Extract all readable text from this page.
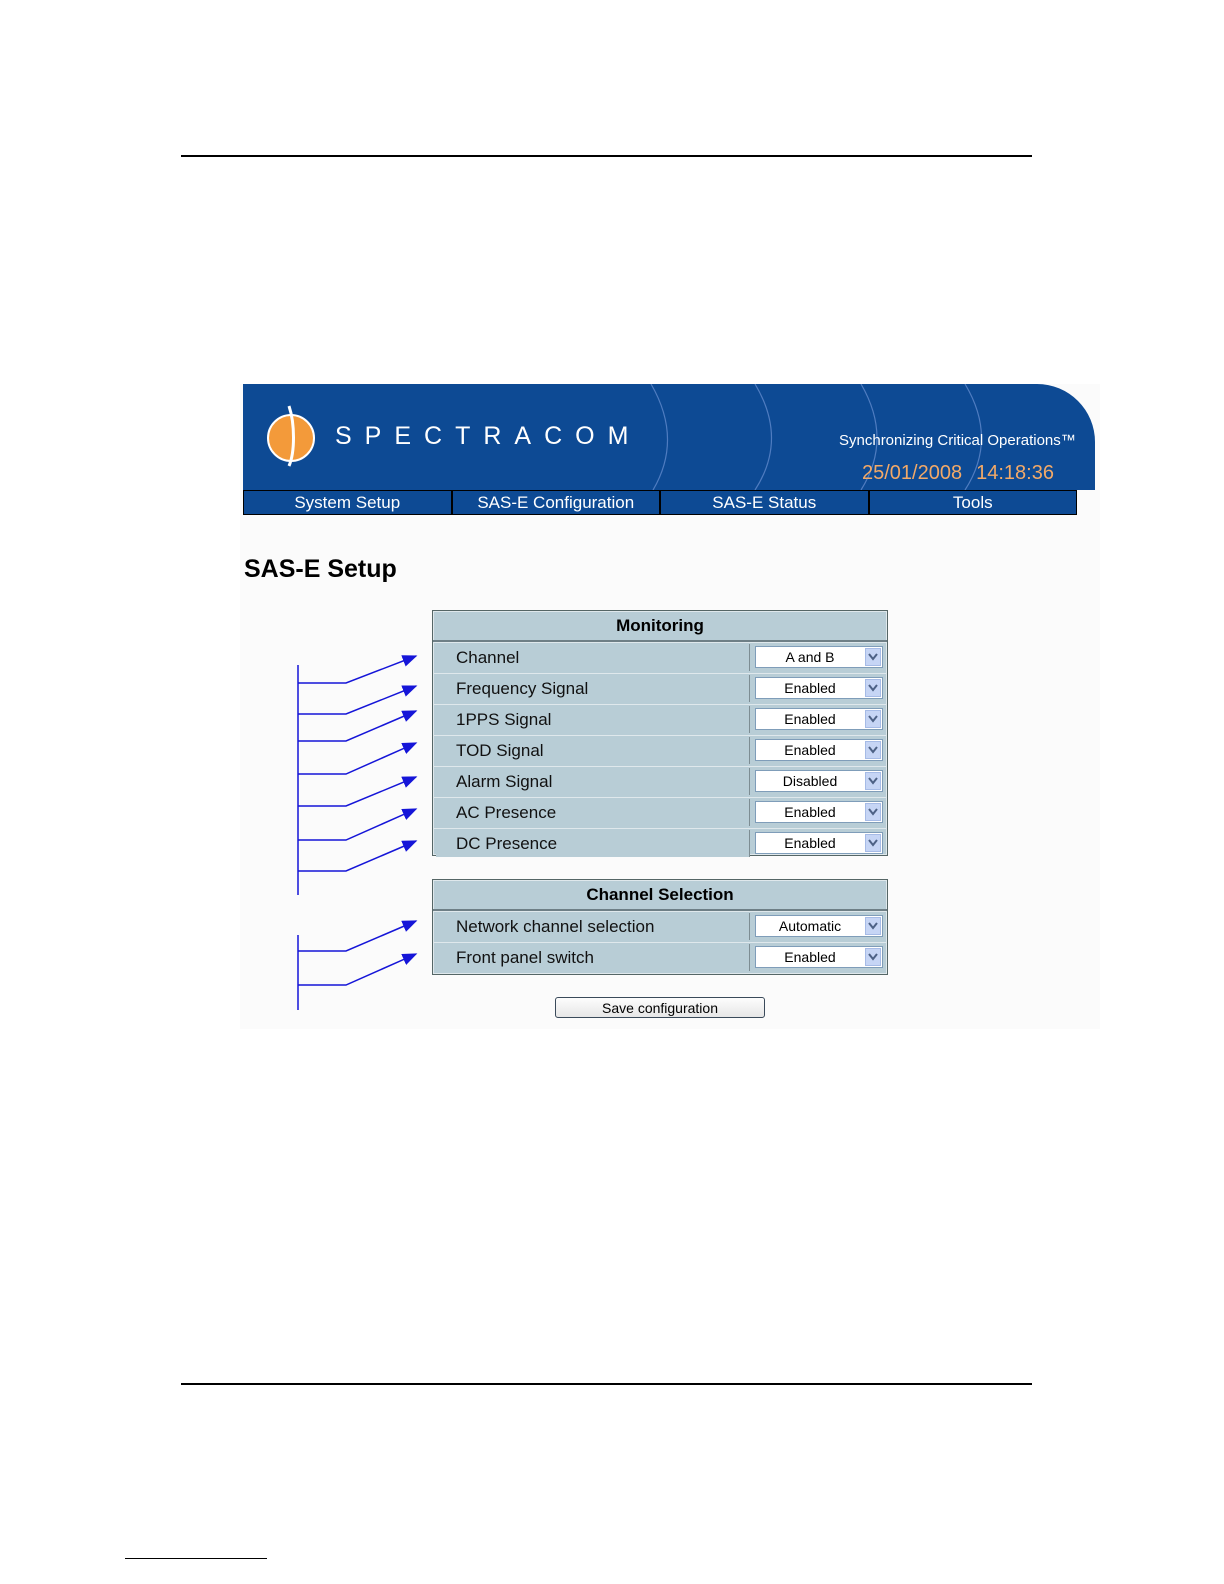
SPECTRACOM	Synchronizing Critical Operations™
25/01/2008 14:18:36
System Setup	SAS-E Configuration	SAS-E Status	Tools
SAS-E Setup
Monitoring
Channel	A and B
Frequency Signal	Enabled
1PPS Signal	Enabled
TOD Signal	Enabled
Alarm Signal	Disabled
AC Presence	Enabled
DC Presence	Enabled
Channel Selection
Network channel selection	Automatic
Front panel switch	Enabled
Save configuration
